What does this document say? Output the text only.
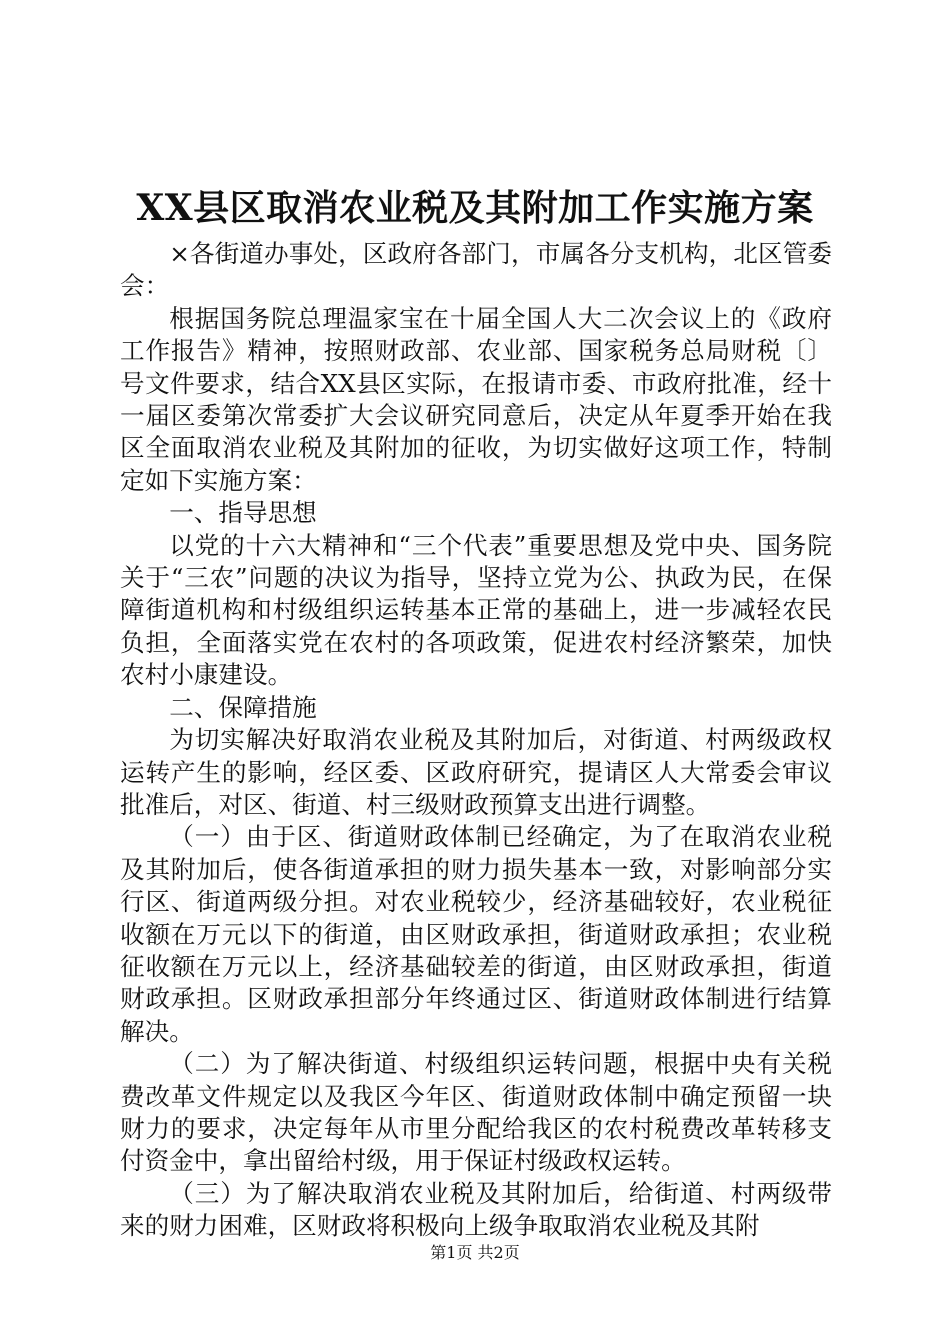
XX县区取消农业税及其附加工作实施方案

×各街道办事处，区政府各部门，市属各分支机构，北区管委会：

根据国务院总理温家宝在十届全国人大二次会议上的《政府工作报告》精神，按照财政部、农业部、国家税务总局财税〔〕号文件要求，结合XX县区实际，在报请市委、市政府批准，经十一届区委第次常委扩大会议研究同意后，决定从年夏季开始在我区全面取消农业税及其附加的征收，为切实做好这项工作，特制定如下实施方案：

一、指导思想

以党的十六大精神和“三个代表”重要思想及党中央、国务院关于“三农”问题的决议为指导，坚持立党为公、执政为民，在保障街道机构和村级组织运转基本正常的基础上，进一步减轻农民负担，全面落实党在农村的各项政策，促进农村经济繁荣，加快农村小康建设。

二、保障措施

为切实解决好取消农业税及其附加后，对街道、村两级政权运转产生的影响，经区委、区政府研究，提请区人大常委会审议批准后，对区、街道、村三级财政预算支出进行调整。

（一）由于区、街道财政体制已经确定，为了在取消农业税及其附加后，使各街道承担的财力损失基本一致，对影响部分实行区、街道两级分担。对农业税较少，经济基础较好，农业税征收额在万元以下的街道，由区财政承担，街道财政承担；农业税征收额在万元以上，经济基础较差的街道，由区财政承担，街道财政承担。区财政承担部分年终通过区、街道财政体制进行结算解决。

（二）为了解决街道、村级组织运转问题，根据中央有关税费改革文件规定以及我区今年区、街道财政体制中确定预留一块财力的要求，决定每年从市里分配给我区的农村税费改革转移支付资金中，拿出留给村级，用于保证村级政权运转。

（三）为了解决取消农业税及其附加后，给街道、村两级带来的财力困难，区财政将积极向上级争取取消农业税及其附

第1页 共2页
